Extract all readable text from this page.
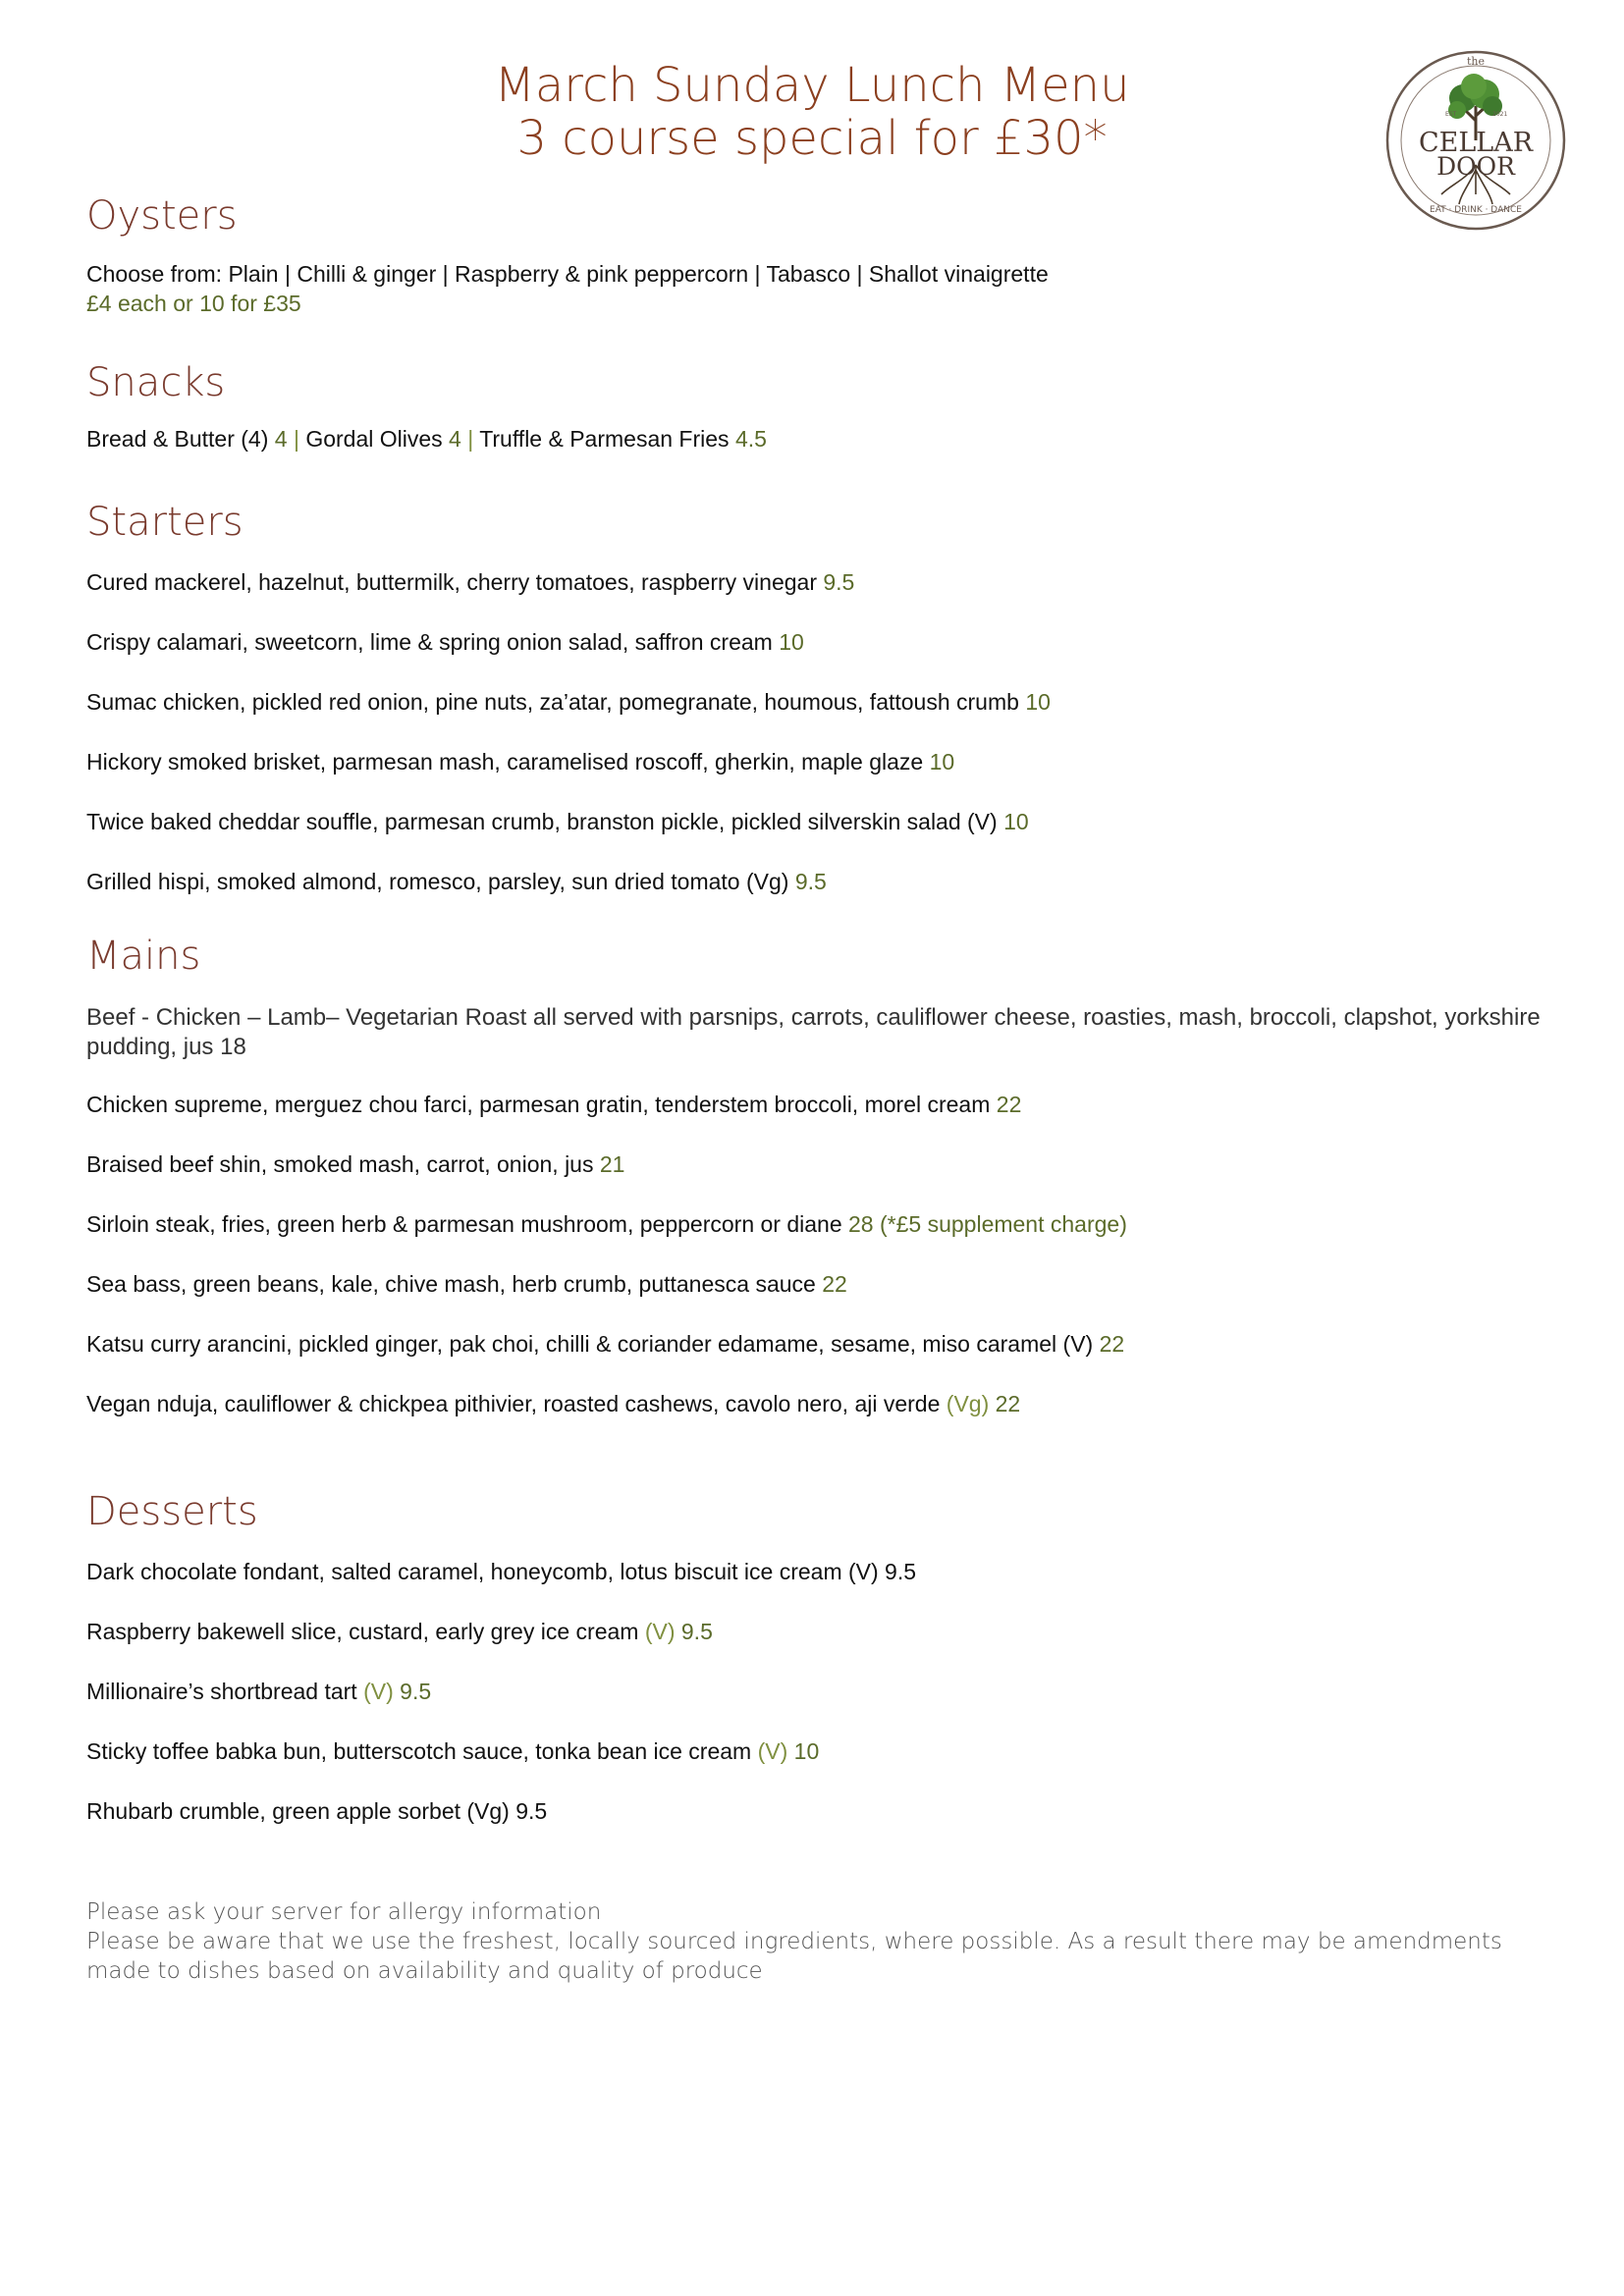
March Sunday Lunch Menu
3 course special for £30*
the
EST	2021
CELLAR
DOOR
EAT · DRINK · DANCE
Oysters

Choose from: Plain | Chilli & ginger | Raspberry & pink peppercorn | Tabasco | Shallot vinaigrette

£4 each or 10 for £35

Snacks

Bread & Butter (4) 4 | Gordal Olives 4 | Truffle & Parmesan Fries 4.5

Starters

Cured mackerel, hazelnut, buttermilk, cherry tomatoes, raspberry vinegar 9.5

Crispy calamari, sweetcorn, lime & spring onion salad, saffron cream 10

Sumac chicken, pickled red onion, pine nuts, za’atar, pomegranate, houmous, fattoush crumb 10

Hickory smoked brisket, parmesan mash, caramelised roscoff, gherkin, maple glaze 10

Twice baked cheddar souffle, parmesan crumb, branston pickle, pickled silverskin salad (V) 10

Grilled hispi, smoked almond, romesco, parsley, sun dried tomato (Vg) 9.5

Mains

Beef - Chicken – Lamb– Vegetarian Roast all served with parsnips, carrots, cauliflower cheese, roasties, mash, broccoli, clapshot, yorkshire pudding, jus 18

Chicken supreme, merguez chou farci, parmesan gratin, tenderstem broccoli, morel cream 22

Braised beef shin, smoked mash, carrot, onion, jus 21

Sirloin steak, fries, green herb & parmesan mushroom, peppercorn or diane 28 (*£5 supplement charge)

Sea bass, green beans, kale, chive mash, herb crumb, puttanesca sauce 22

Katsu curry arancini, pickled ginger, pak choi, chilli & coriander edamame, sesame, miso caramel (V) 22

Vegan nduja, cauliflower & chickpea pithivier, roasted cashews, cavolo nero, aji verde (Vg) 22

Desserts

Dark chocolate fondant, salted caramel, honeycomb, lotus biscuit ice cream (V) 9.5

Raspberry bakewell slice, custard, early grey ice cream (V) 9.5

Millionaire’s shortbread tart (V) 9.5

Sticky toffee babka bun, butterscotch sauce, tonka bean ice cream (V) 10

Rhubarb crumble, green apple sorbet (Vg) 9.5

Please ask your server for allergy information

Please be aware that we use the freshest, locally sourced ingredients, where possible. As a result there may be amendments made to dishes based on availability and quality of produce
